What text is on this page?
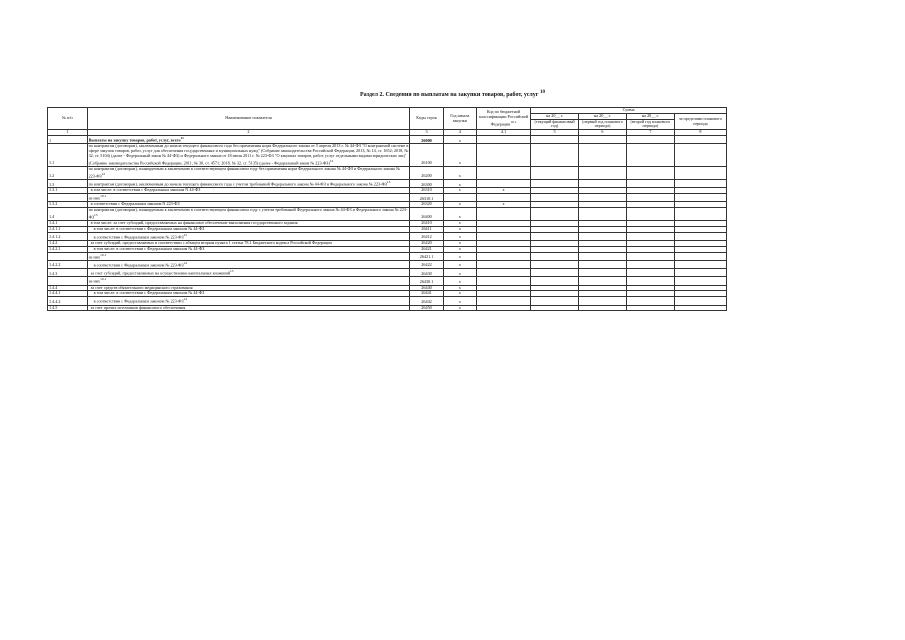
Раздел 2. Сведения по выплатам на закупки товаров, работ, услуг $^{10}$
№ п/п	Наименование показателя	Коды строк	Год начала закупки	Код по бюджетной классификации Российской Федерации$^{10.1}$	Сумма			
					на 20__ г.	на 20__ г.	на 20__ г.	за пределами планового периода
					(текущий финансовый год)	(первый год планового периода)	(второй год планового периода)	
1	2	3	4	4.1	5	6	7	8
1	Выплаты на закупку товаров, работ, услуг, всего$^{11}$	26000	x					
1.1	по контрактам (договорам), заключенным до начала текущего финансового года без применения норм Федерального закона от 5 апреля 2013 г. № 44-ФЗ "О контрактной системе в сфере закупок товаров, работ, услуг для обеспечения государственных и муниципальных нужд" (Собрание законодательства Российской Федерации, 2013, № 14, ст. 1652; 2018, № 32, ст. 5104) (далее - Федеральный закон № 44-ФЗ) и Федерального закона от 18 июля 2011 г. № 223-ФЗ "О закупках товаров, работ, услуг отдельными видами юридических лиц" (Собрание законодательства Российской Федерации, 2011, № 30, ст. 4571; 2018, № 32, ст. 5135) (далее - Федеральный закон № 223-ФЗ)$^{12}$	26100	x					
1.2	по контрактам (договорам), планируемым к заключению в соответствующем финансовом году без применения норм Федерального закона № 44-ФЗ и Федерального закона № 223-ФЗ$^{12}$	26200	x					
1.3	по контрактам (договорам), заключенным до начала текущего финансового года с учетом требований Федерального закона № 44-ФЗ и Федерального закона № 223-ФЗ$^{13}$	26300	x					
1.3.1	в том числе: в соответствии с Федеральным законом N 44-ФЗ	26310	x	x				
	из них$^{10.1}$	26310.1						
1.3.2	в соответствии с Федеральным законом N 223-ФЗ	26320	x	x				
1.4	по контрактам (договорам), планируемым к заключению в соответствующем финансовом году с учетом требований Федерального закона № 44-ФЗ и Федерального закона № 223-ФЗ$^{13}$	26400	x					
1.4.1	в том числе: за счет субсидий, предоставляемых на финансовое обеспечение выполнения государственного задания	26410	x					
1.4.1.1	в том числе: в соответствии с Федеральным законом № 44-ФЗ	26411	x					
1.4.1.2	в соответствии с Федеральным законом № 223-ФЗ$^{15}$	26412	x					
1.4.2	за счет субсидий, предоставляемых в соответствии с абзацем вторым пункта 1 статьи 78.1 Бюджетного кодекса Российской Федерации	26420	x					
1.4.2.1	в том числе: в соответствии с Федеральным законом № 44-ФЗ	26421	x					
	из них$^{10.1}$	26421.1	x					
1.4.2.2	в соответствии с Федеральным законом № 223-ФЗ$^{14}$	26422	x					
1.4.3	за счет субсидий, предоставляемых на осуществление капитальных вложений$^{15}$	26430	x					
	из них$^{10.1}$	26430.1	x					
1.4.4	за счет средств обязательного медицинского страхования	26440	x					
1.4.4.1	в том числе: в соответствии с Федеральным законом № 44-ФЗ	26441	x					
1.4.4.2	в соответствии с Федеральным законом № 223-ФЗ$^{14}$	26442	x					
1.4.5	за счет прочих источников финансового обеспечения	26450	x					
